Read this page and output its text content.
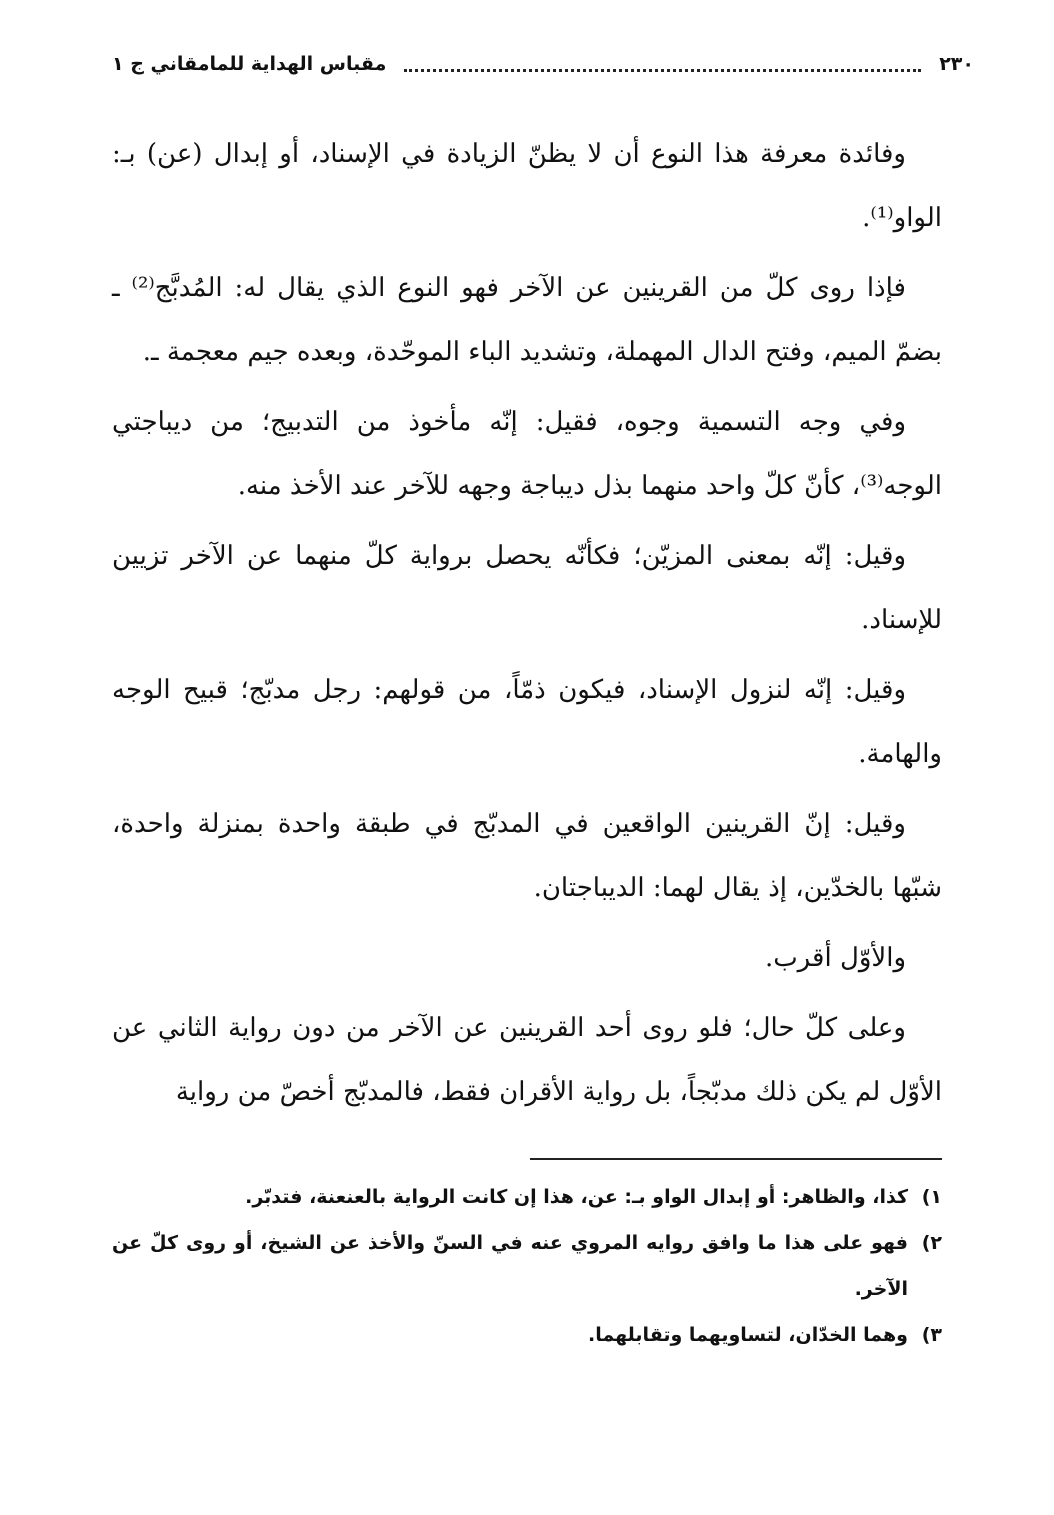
٢٣٠
مقباس الهداية للمامقاني ج ١

وفائدة معرفة هذا النوع أن لا يظنّ الزيادة في الإسناد، أو إبدال (عن) بـ: الواو⁽¹⁾.

فإذا روى كلّ من القرينين عن الآخر فهو النوع الذي يقال له: المُدبَّج⁽²⁾ ـ بضمّ الميم، وفتح الدال المهملة، وتشديد الباء الموحّدة، وبعده جيم معجمة ـ.

وفي وجه التسمية وجوه، فقيل: إنّه مأخوذ من التدبيج؛ من ديباجتي الوجه⁽³⁾، كأنّ كلّ واحد منهما بذل ديباجة وجهه للآخر عند الأخذ منه.

وقيل: إنّه بمعنى المزيّن؛ فكأنّه يحصل برواية كلّ منهما عن الآخر تزيين للإسناد.

وقيل: إنّه لنزول الإسناد، فيكون ذمّاً، من قولهم: رجل مدبّج؛ قبيح الوجه والهامة.

وقيل: إنّ القرينين الواقعين في المدبّج في طبقة واحدة بمنزلة واحدة، شبّها بالخدّين، إذ يقال لهما: الديباجتان.

والأوّل أقرب.

وعلى كلّ حال؛ فلو روى أحد القرينين عن الآخر من دون رواية الثاني عن الأوّل لم يكن ذلك مدبّجاً، بل رواية الأقران فقط، فالمدبّج أخصّ من رواية

١)
كذا، والظاهر: أو إبدال الواو بـ: عن، هذا إن كانت الرواية بالعنعنة، فتدبّر.
٢)
فهو على هذا ما وافق روايه المروي عنه في السنّ والأخذ عن الشيخ، أو روى كلّ عن الآخر.
٣)
وهما الخدّان، لتساويهما وتقابلهما.
